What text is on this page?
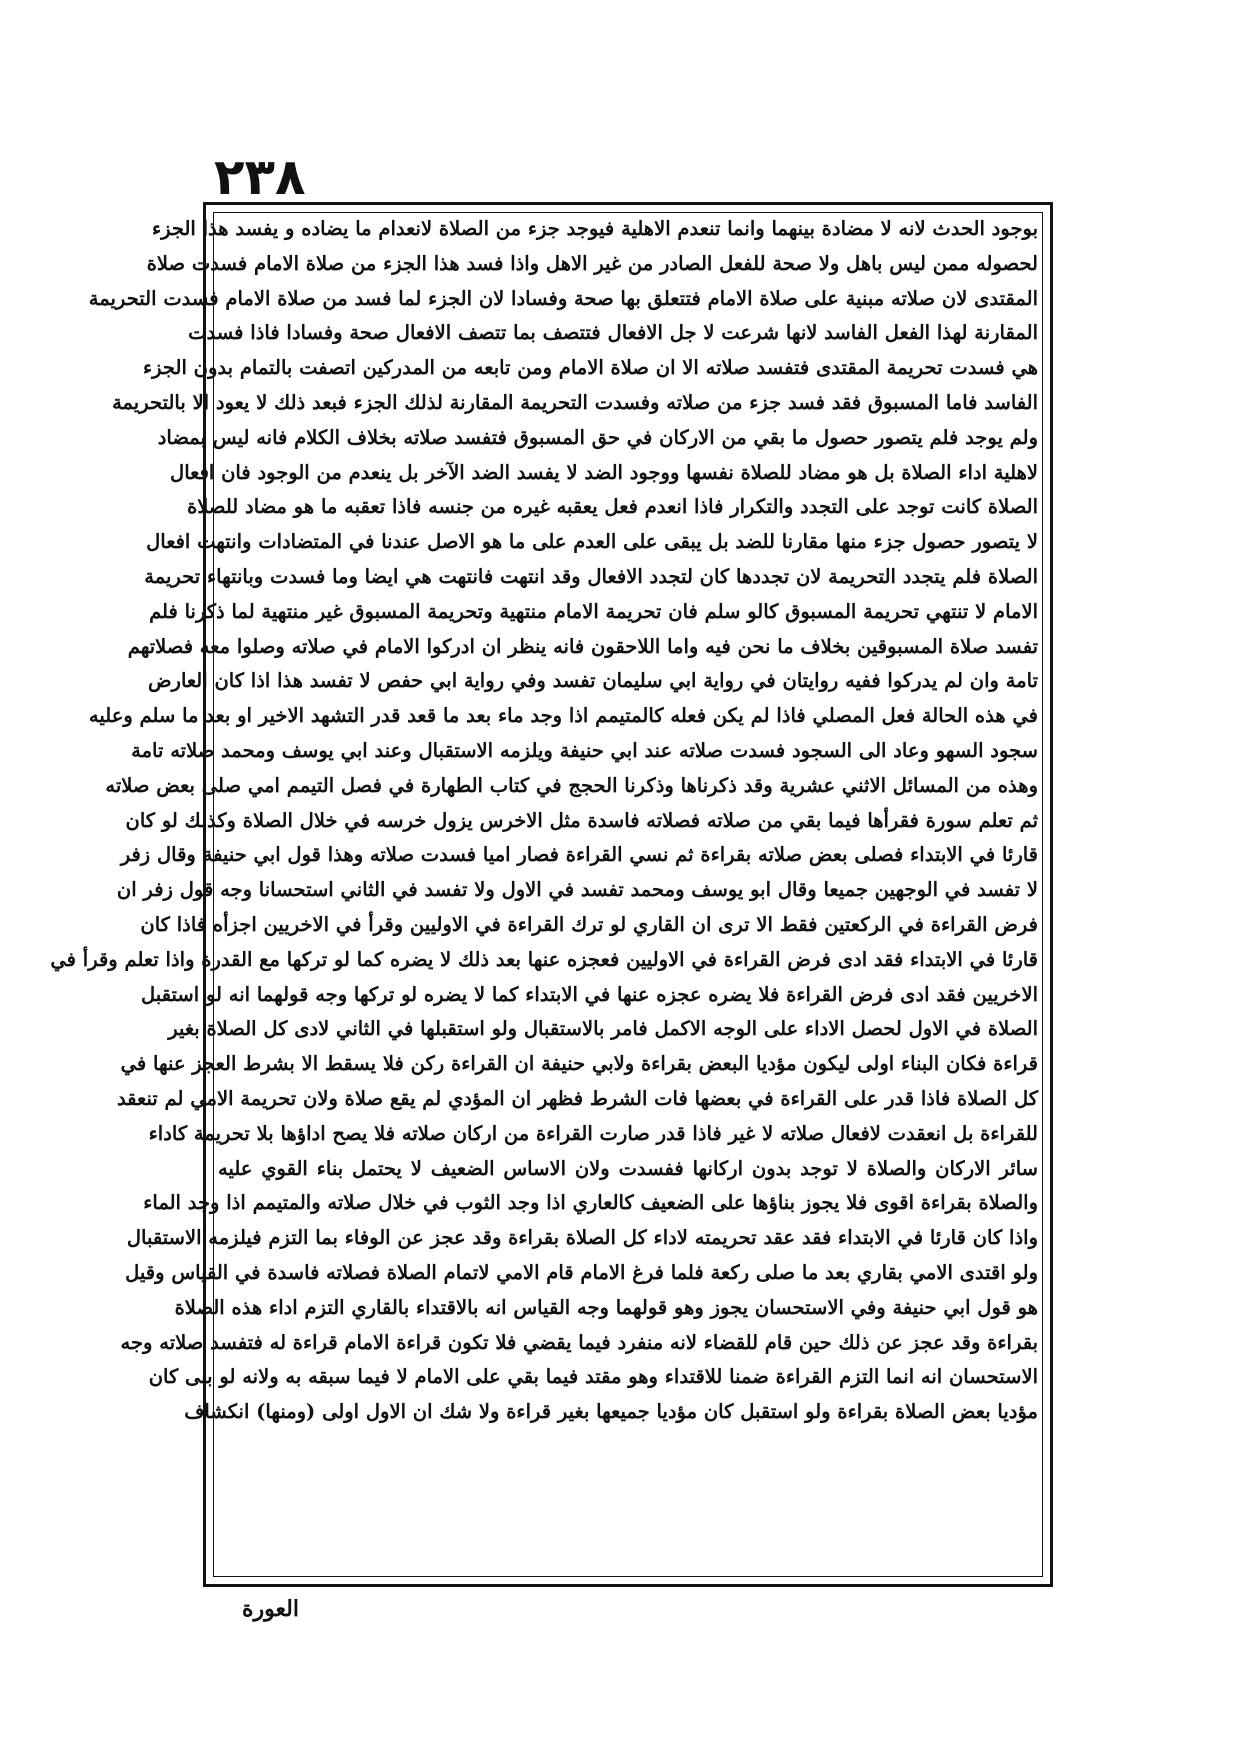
٢٣٨
بوجود الحدث لانه لا مضادة بينهما وانما تنعدم الاهلية فيوجد جزء من الصلاة لانعدام ما يضاده و يفسد هذا الجزء
لحصوله ممن ليس باهل ولا صحة للفعل الصادر من غير الاهل واذا فسد هذا الجزء من صلاة الامام فسدت صلاة
المقتدى لان صلاته مبنية على صلاة الامام فتتعلق بها صحة وفسادا لان الجزء لما فسد من صلاة الامام فسدت التحريمة
المقارنة لهذا الفعل الفاسد لانها شرعت لا جل الافعال فتتصف بما تتصف الافعال صحة وفسادا فاذا فسدت
هي فسدت تحريمة المقتدى فتفسد صلاته الا ان صلاة الامام ومن تابعه من المدركين اتصفت بالتمام بدون الجزء
الفاسد فاما المسبوق فقد فسد جزء من صلاته وفسدت التحريمة المقارنة لذلك الجزء فبعد ذلك لا يعود الا بالتحريمة
ولم يوجد فلم يتصور حصول ما بقي من الاركان في حق المسبوق فتفسد صلاته بخلاف الكلام فانه ليس بمضاد
لاهلية اداء الصلاة بل هو مضاد للصلاة نفسها ووجود الضد لا يفسد الضد الآخر بل ينعدم من الوجود فان افعال
الصلاة كانت توجد على التجدد والتكرار فاذا انعدم فعل يعقبه غيره من جنسه فاذا تعقبه ما هو مضاد للصلاة
لا يتصور حصول جزء منها مقارنا للضد بل يبقى على العدم على ما هو الاصل عندنا في المتضادات وانتهت افعال
الصلاة فلم يتجدد التحريمة لان تجددها كان لتجدد الافعال وقد انتهت فانتهت هي ايضا وما فسدت وبانتهاء تحريمة
الامام لا تنتهي تحريمة المسبوق كالو سلم فان تحريمة الامام منتهية وتحريمة المسبوق غير منتهية لما ذكرنا فلم
تفسد صلاة المسبوقين بخلاف ما نحن فيه واما اللاحقون فانه ينظر ان ادركوا الامام في صلاته وصلوا معه فصلاتهم
تامة وان لم يدركوا ففيه روايتان في رواية ابي سليمان تفسد وفي رواية ابي حفص لا تفسد هذا اذا كان العارض
في هذه الحالة فعل المصلي فاذا لم يكن فعله كالمتيمم اذا وجد ماء بعد ما قعد قدر التشهد الاخير او بعد ما سلم وعليه
سجود السهو وعاد الى السجود فسدت صلاته عند ابي حنيفة ويلزمه الاستقبال وعند ابي يوسف ومحمد صلاته تامة
وهذه من المسائل الاثني عشرية وقد ذكرناها وذكرنا الحجج في كتاب الطهارة في فصل التيمم امي صلى بعض صلاته
ثم تعلم سورة فقرأها فيما بقي من صلاته فصلاته فاسدة مثل الاخرس يزول خرسه في خلال الصلاة وكذلك لو كان
قارئا في الابتداء فصلى بعض صلاته بقراءة ثم نسي القراءة فصار اميا فسدت صلاته وهذا قول ابي حنيفة وقال زفر
لا تفسد في الوجهين جميعا وقال ابو يوسف ومحمد تفسد في الاول ولا تفسد في الثاني استحسانا وجه قول زفر ان
فرض القراءة في الركعتين فقط الا ترى ان القاري لو ترك القراءة في الاوليين وقرأ في الاخريين اجزأه فاذا كان
قارئا في الابتداء فقد ادى فرض القراءة في الاوليين فعجزه عنها بعد ذلك لا يضره كما لو تركها مع القدرة واذا تعلم وقرأ في
الاخريين فقد ادى فرض القراءة فلا يضره عجزه عنها في الابتداء كما لا يضره لو تركها وجه قولهما انه لو استقبل
الصلاة في الاول لحصل الاداء على الوجه الاكمل فامر بالاستقبال ولو استقبلها في الثاني لادى كل الصلاة بغير
قراءة فكان البناء اولى ليكون مؤديا البعض بقراءة ولابي حنيفة ان القراءة ركن فلا يسقط الا بشرط العجز عنها في
كل الصلاة فاذا قدر على القراءة في بعضها فات الشرط فظهر ان المؤدي لم يقع صلاة ولان تحريمة الامي لم تنعقد
للقراءة بل انعقدت لافعال صلاته لا غير فاذا قدر صارت القراءة من اركان صلاته فلا يصح اداؤها بلا تحريمة كاداء
سائر الاركان والصلاة لا توجد بدون اركانها ففسدت ولان الاساس الضعيف لا يحتمل بناء القوي عليه
والصلاة بقراءة اقوى فلا يجوز بناؤها على الضعيف كالعاري اذا وجد الثوب في خلال صلاته والمتيمم اذا وجد الماء
واذا كان قارئا في الابتداء فقد عقد تحريمته لاداء كل الصلاة بقراءة وقد عجز عن الوفاء بما التزم فيلزمه الاستقبال
ولو اقتدى الامي بقاري بعد ما صلى ركعة فلما فرغ الامام قام الامي لاتمام الصلاة فصلاته فاسدة في القياس وقيل
هو قول ابي حنيفة وفي الاستحسان يجوز وهو قولهما وجه القياس انه بالاقتداء بالقاري التزم اداء هذه الصلاة
بقراءة وقد عجز عن ذلك حين قام للقضاء لانه منفرد فيما يقضي فلا تكون قراءة الامام قراءة له فتفسد صلاته وجه
الاستحسان انه انما التزم القراءة ضمنا للاقتداء وهو مقتد فيما بقي على الامام لا فيما سبقه به ولانه لو بنى كان
مؤديا بعض الصلاة بقراءة ولو استقبل كان مؤديا جميعها بغير قراءة ولا شك ان الاول اولى (ومنها) انكشاف
العورة
